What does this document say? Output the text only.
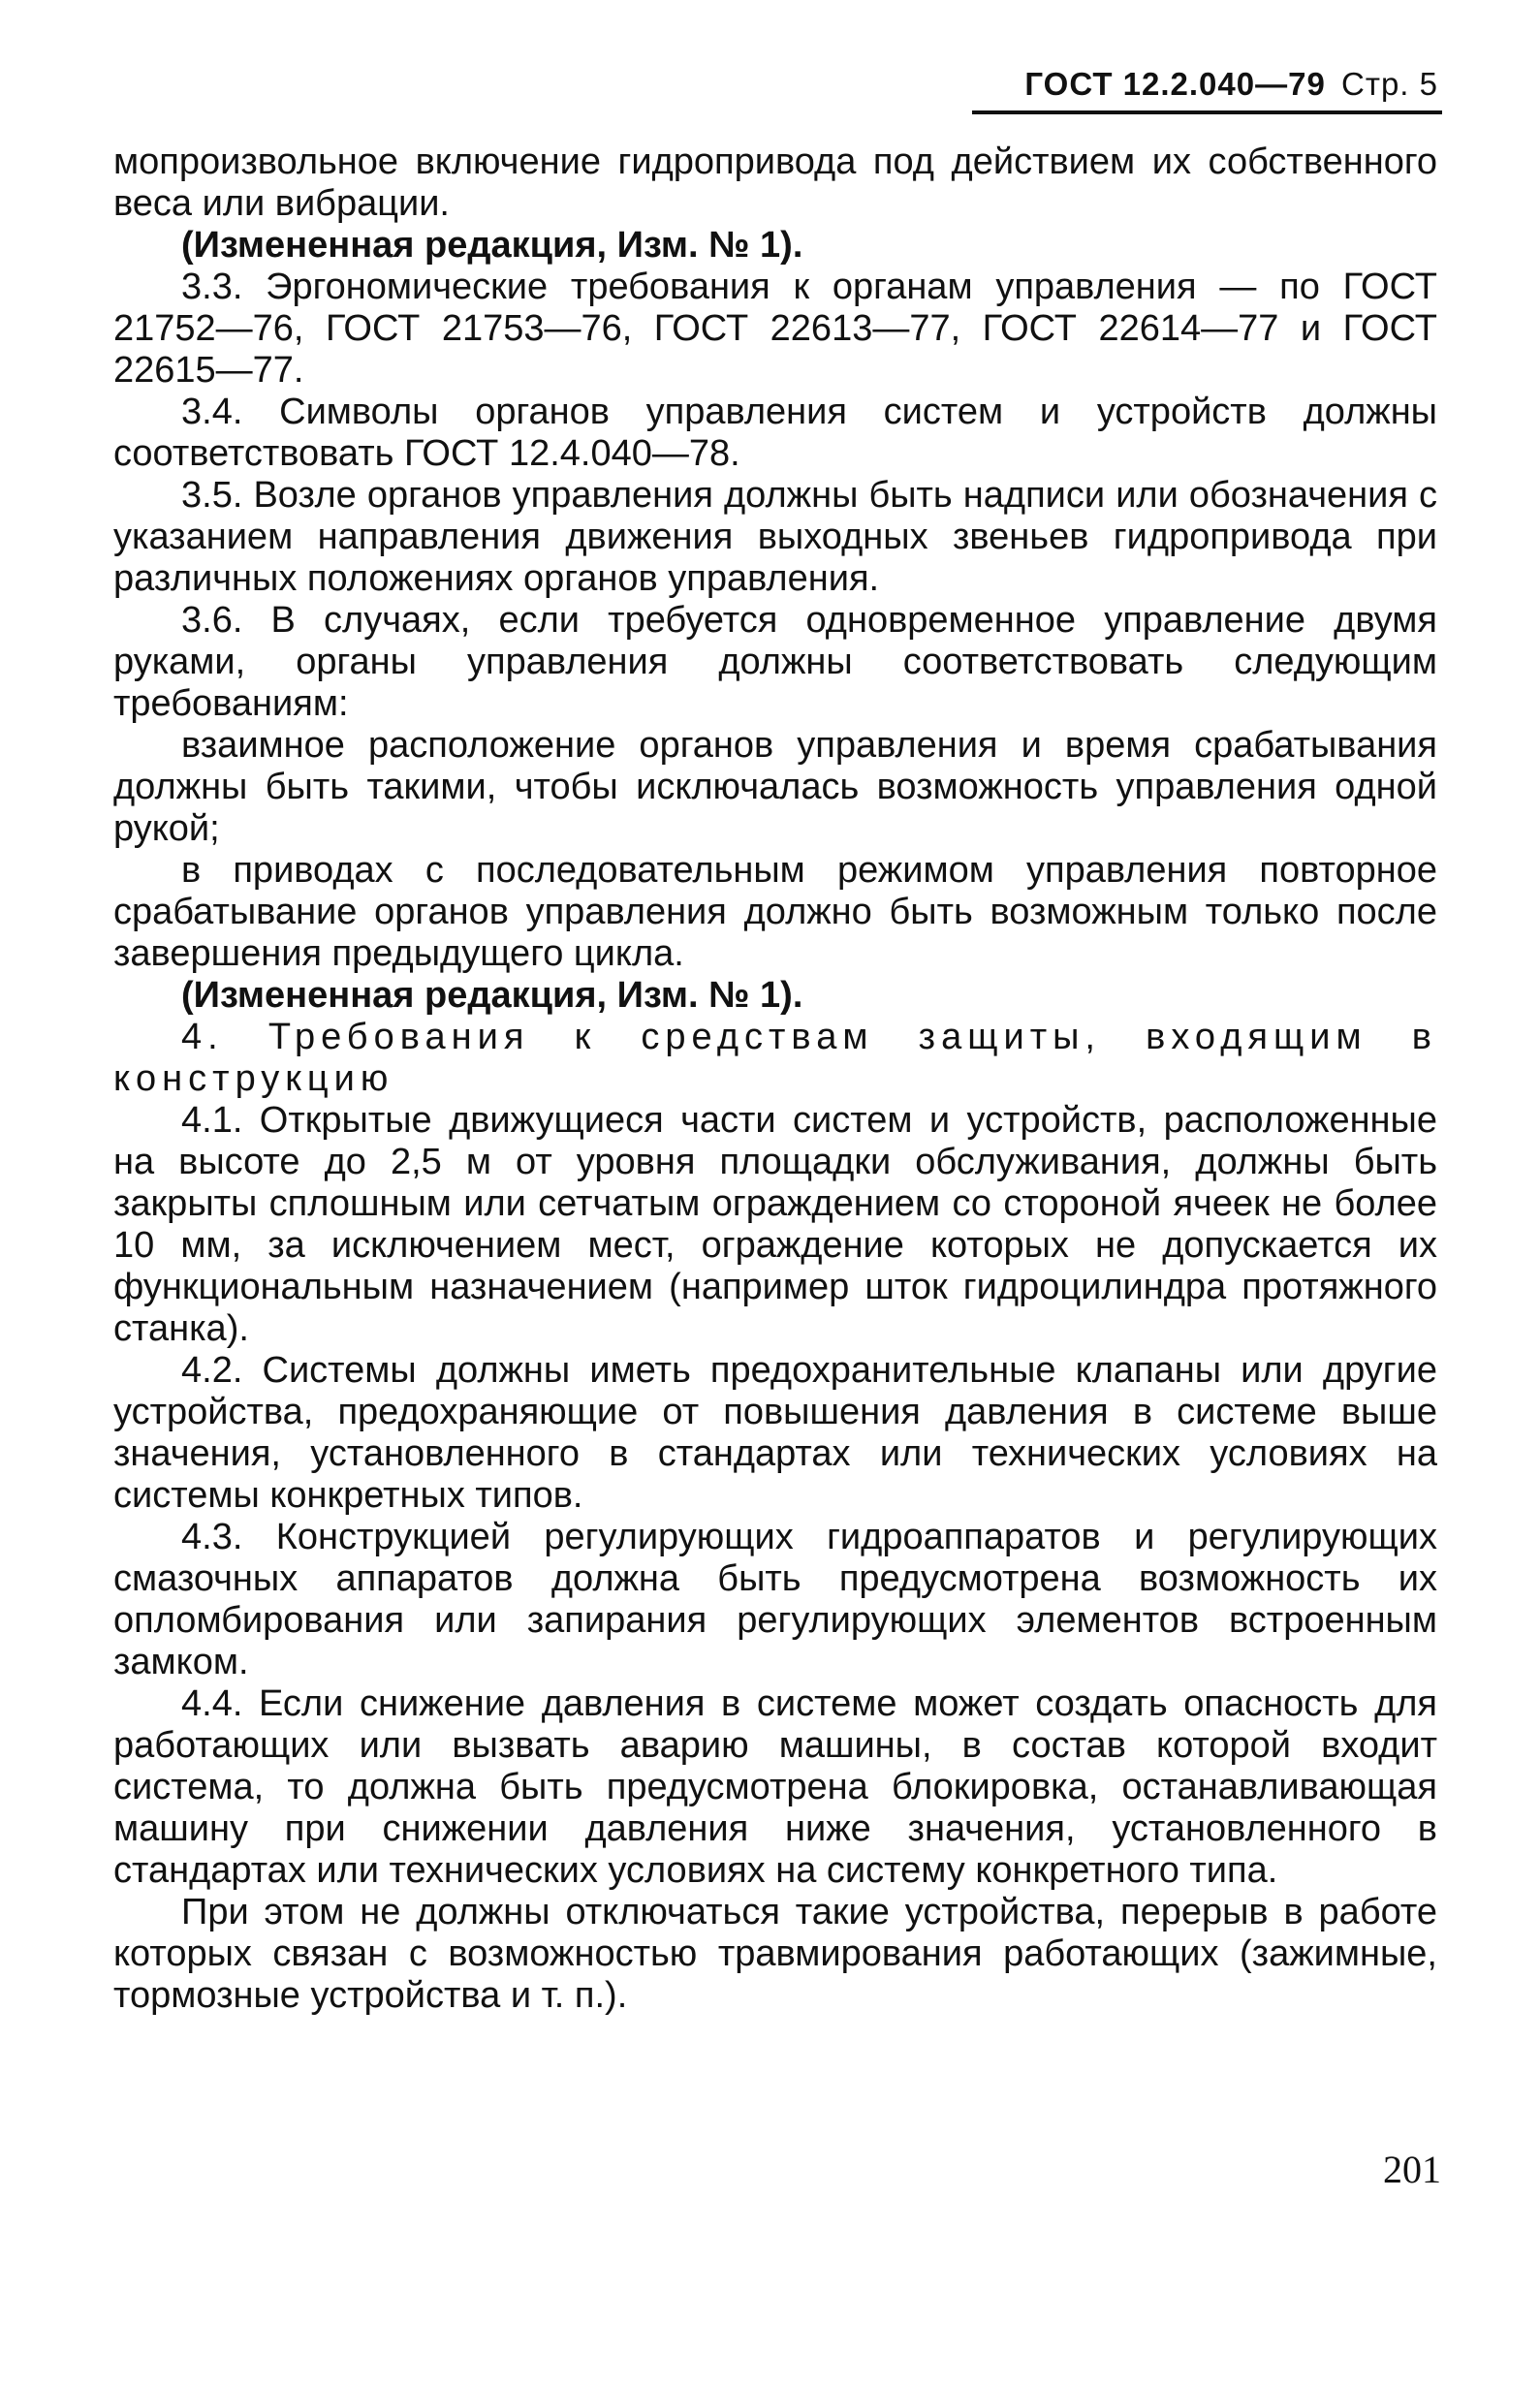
ГОСТ 12.2.040—79 Стр. 5

мопроизвольное включение гидропривода под действием их собственного веса или вибрации.

(Измененная редакция, Изм. № 1).

3.3. Эргономические требования к органам управления — по ГОСТ 21752—76, ГОСТ 21753—76, ГОСТ 22613—77, ГОСТ 22614—77 и ГОСТ 22615—77.

3.4. Символы органов управления систем и устройств должны соответствовать ГОСТ 12.4.040—78.

3.5. Возле органов управления должны быть надписи или обозначения с указанием направления движения выходных звеньев гидропривода при различных положениях органов управления.

3.6. В случаях, если требуется одновременное управление двумя руками, органы управления должны соответствовать следующим требованиям:

взаимное расположение органов управления и время срабатывания должны быть такими, чтобы исключалась возможность управления одной рукой;

в приводах с последовательным режимом управления повторное срабатывание органов управления должно быть возможным только после завершения предыдущего цикла.

(Измененная редакция, Изм. № 1).

4. Требования к средствам защиты, входящим в конструкцию

4.1. Открытые движущиеся части систем и устройств, расположенные на высоте до 2,5 м от уровня площадки обслуживания, должны быть закрыты сплошным или сетчатым ограждением со стороной ячеек не более 10 мм, за исключением мест, ограждение которых не допускается их функциональным назначением (например шток гидроцилиндра протяжного станка).

4.2. Системы должны иметь предохранительные клапаны или другие устройства, предохраняющие от повышения давления в системе выше значения, установленного в стандартах или технических условиях на системы конкретных типов.

4.3. Конструкцией регулирующих гидроаппаратов и регулирующих смазочных аппаратов должна быть предусмотрена возможность их опломбирования или запирания регулирующих элементов встроенным замком.

4.4. Если снижение давления в системе может создать опасность для работающих или вызвать аварию машины, в состав которой входит система, то должна быть предусмотрена блокировка, останавливающая машину при снижении давления ниже значения, установленного в стандартах или технических условиях на систему конкретного типа.

При этом не должны отключаться такие устройства, перерыв в работе которых связан с возможностью травмирования работающих (зажимные, тормозные устройства и т. п.).

201
